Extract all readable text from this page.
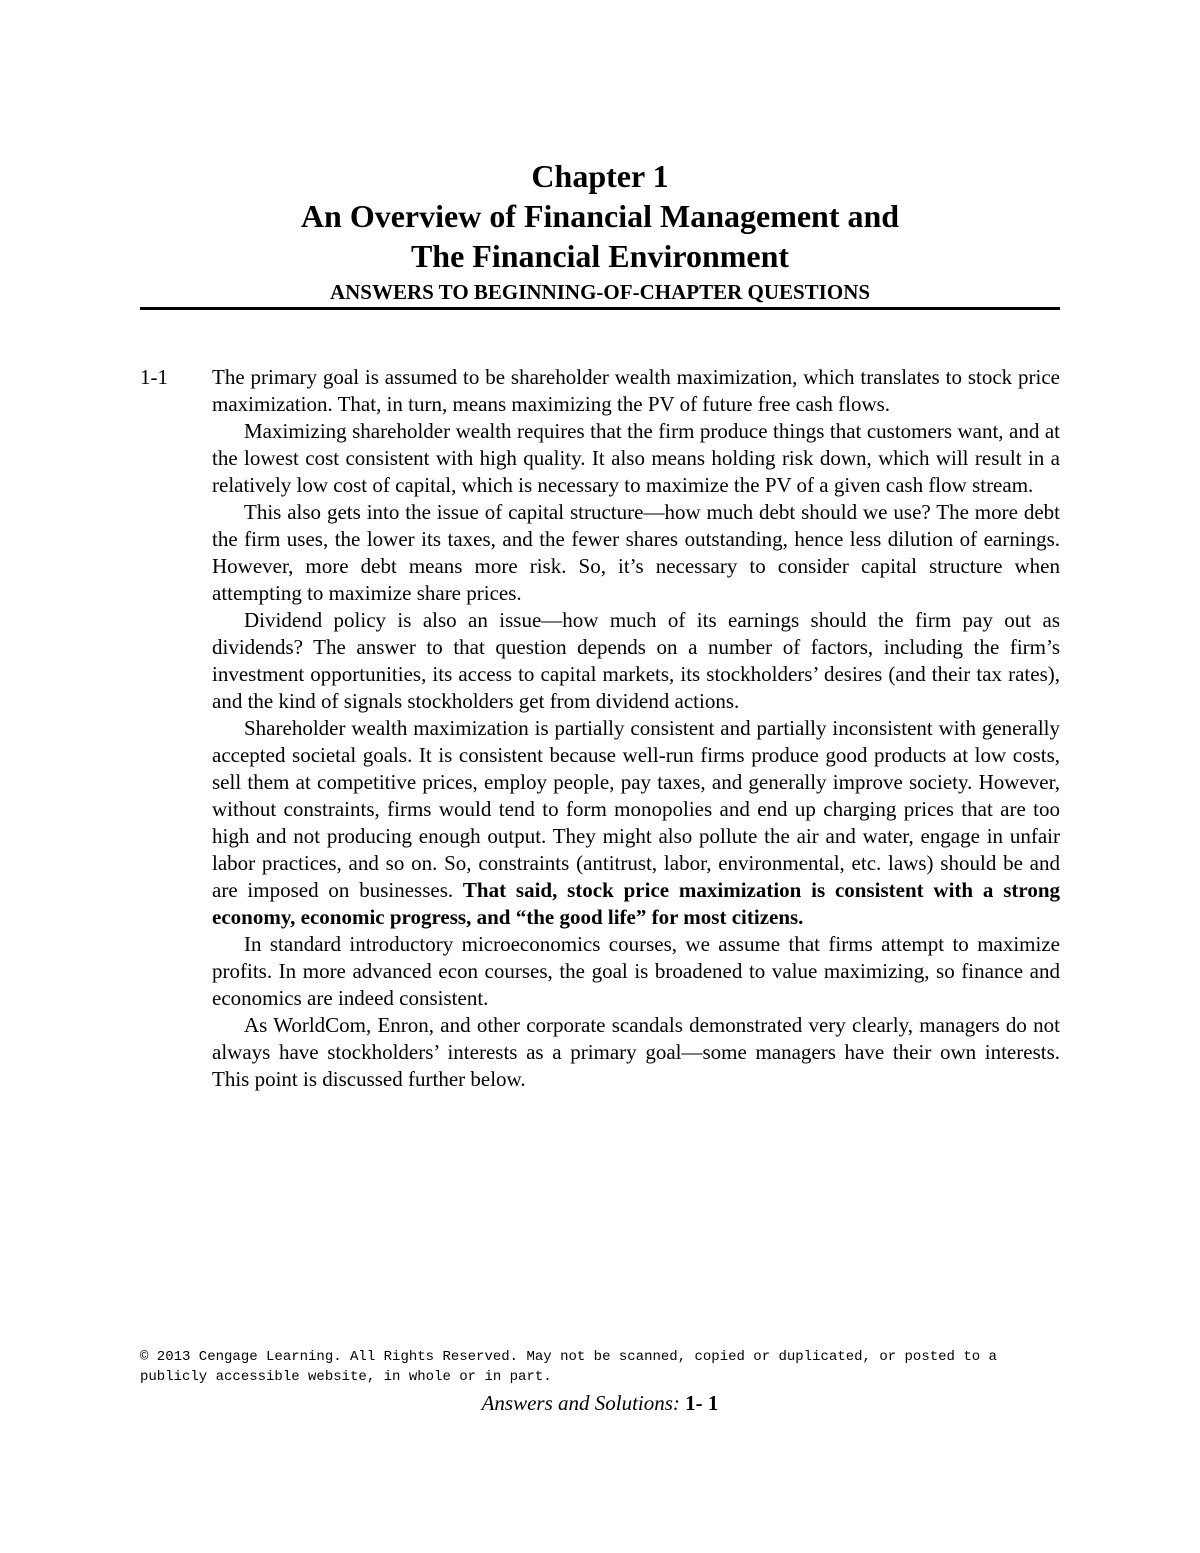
Chapter 1
An Overview of Financial Management and
The Financial Environment
ANSWERS TO BEGINNING-OF-CHAPTER QUESTIONS
1-1 The primary goal is assumed to be shareholder wealth maximization, which translates to stock price maximization. That, in turn, means maximizing the PV of future free cash flows.

Maximizing shareholder wealth requires that the firm produce things that customers want, and at the lowest cost consistent with high quality. It also means holding risk down, which will result in a relatively low cost of capital, which is necessary to maximize the PV of a given cash flow stream.

This also gets into the issue of capital structure—how much debt should we use? The more debt the firm uses, the lower its taxes, and the fewer shares outstanding, hence less dilution of earnings. However, more debt means more risk. So, it’s necessary to consider capital structure when attempting to maximize share prices.

Dividend policy is also an issue—how much of its earnings should the firm pay out as dividends? The answer to that question depends on a number of factors, including the firm’s investment opportunities, its access to capital markets, its stockholders’ desires (and their tax rates), and the kind of signals stockholders get from dividend actions.

Shareholder wealth maximization is partially consistent and partially inconsistent with generally accepted societal goals. It is consistent because well-run firms produce good products at low costs, sell them at competitive prices, employ people, pay taxes, and generally improve society. However, without constraints, firms would tend to form monopolies and end up charging prices that are too high and not producing enough output. They might also pollute the air and water, engage in unfair labor practices, and so on. So, constraints (antitrust, labor, environmental, etc. laws) should be and are imposed on businesses. That said, stock price maximization is consistent with a strong economy, economic progress, and “the good life” for most citizens.

In standard introductory microeconomics courses, we assume that firms attempt to maximize profits. In more advanced econ courses, the goal is broadened to value maximizing, so finance and economics are indeed consistent.

As WorldCom, Enron, and other corporate scandals demonstrated very clearly, managers do not always have stockholders’ interests as a primary goal—some managers have their own interests. This point is discussed further below.

© 2013 Cengage Learning. All Rights Reserved. May not be scanned, copied or duplicated, or posted to a publicly accessible website, in whole or in part.

Answers and Solutions: 1- 1
